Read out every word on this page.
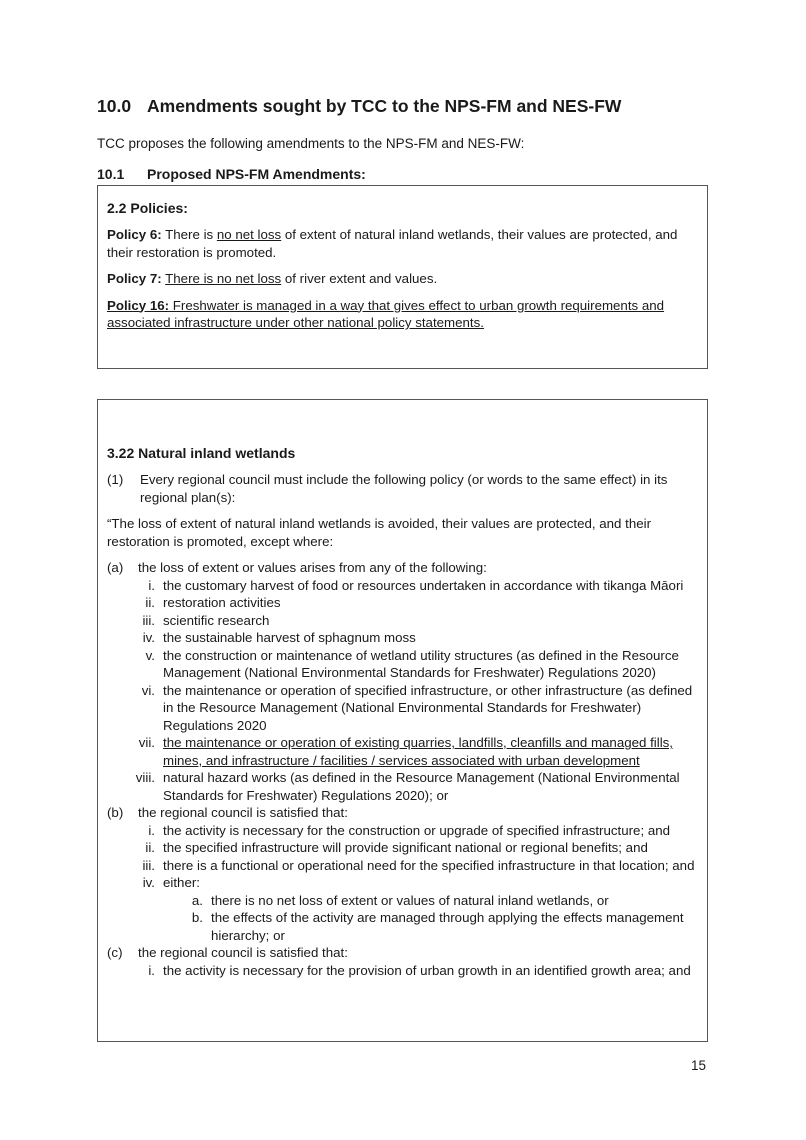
10.0 Amendments sought by TCC to the NPS-FM and NES-FW

TCC proposes the following amendments to the NPS-FM and NES-FW:

10.1 Proposed NPS-FM Amendments:
2.2 Policies:

Policy 6: There is no net loss of extent of natural inland wetlands, their values are protected, and their restoration is promoted.

Policy 7: There is no net loss of river extent and values.

Policy 16: Freshwater is managed in a way that gives effect to urban growth requirements and associated infrastructure under other national policy statements.

3.22 Natural inland wetlands
(1)	Every regional council must include the following policy (or words to the same effect) in its regional plan(s):

“The loss of extent of natural inland wetlands is avoided, their values are protected, and their restoration is promoted, except where:

(a)	the loss of extent or values arises from any of the following:
i. the customary harvest of food or resources undertaken in accordance with tikanga Māori
ii. restoration activities
iii. scientific research
iv. the sustainable harvest of sphagnum moss
v. the construction or maintenance of wetland utility structures (as defined in the Resource Management (National Environmental Standards for Freshwater) Regulations 2020)
vi. the maintenance or operation of specified infrastructure, or other infrastructure (as defined in the Resource Management (National Environmental Standards for Freshwater) Regulations 2020
vii. the maintenance or operation of existing quarries, landfills, cleanfills and managed fills, mines, and infrastructure / facilities / services associated with urban development
viii. natural hazard works (as defined in the Resource Management (National Environmental Standards for Freshwater) Regulations 2020); or
(b)	the regional council is satisfied that:
i. the activity is necessary for the construction or upgrade of specified infrastructure; and
ii. the specified infrastructure will provide significant national or regional benefits; and
iii. there is a functional or operational need for the specified infrastructure in that location; and
iv. either:
a. there is no net loss of extent or values of natural inland wetlands, or
b. the effects of the activity are managed through applying the effects management hierarchy; or
(c)	the regional council is satisfied that:
i. the activity is necessary for the provision of urban growth in an identified growth area; and
15
